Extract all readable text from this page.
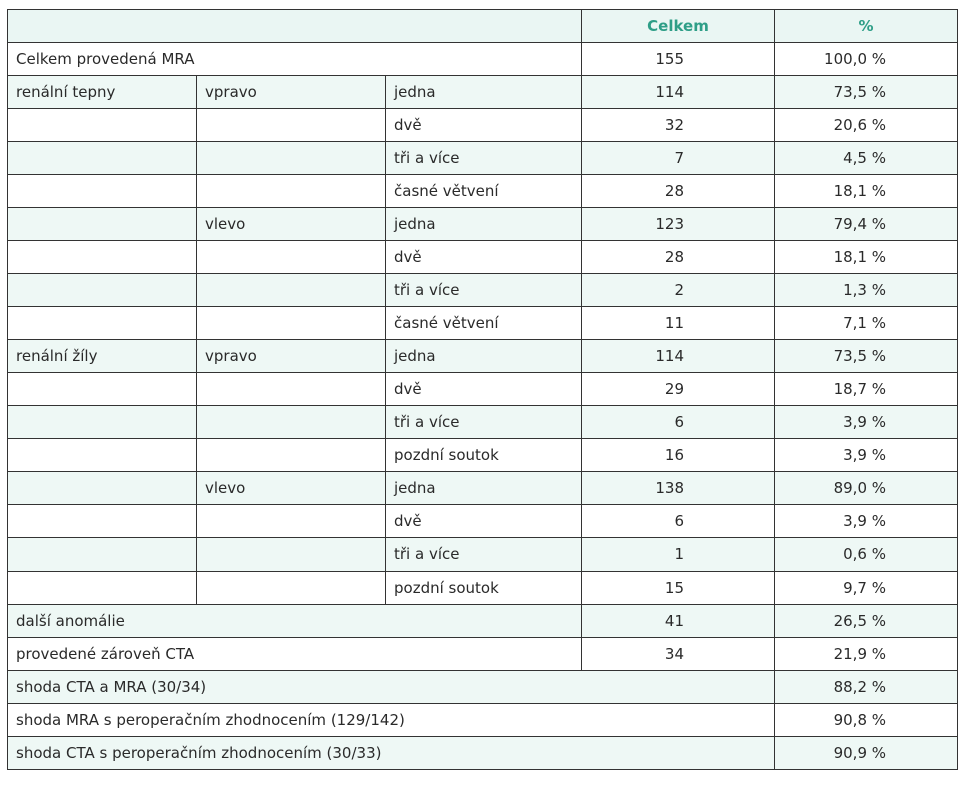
			Celkem	%
Celkem provedená MRA			155	100,0 %
renální tepny	vpravo	jedna	114	73,5 %
		dvě	32	20,6 %
		tři a více	7	4,5 %
		časné větvení	28	18,1 %
	vlevo	jedna	123	79,4 %
		dvě	28	18,1 %
		tři a více	2	1,3 %
		časné větvení	11	7,1 %
renální žíly	vpravo	jedna	114	73,5 %
		dvě	29	18,7 %
		tři a více	6	3,9 %
		pozdní soutok	16	3,9 %
	vlevo	jedna	138	89,0 %
		dvě	6	3,9 %
		tři a více	1	0,6 %
		pozdní soutok	15	9,7 %
další anomálie			41	26,5 %
provedené zároveň CTA			34	21,9 %
shoda CTA a MRA (30/34)				88,2 %
shoda MRA s peroperačním zhodnocením (129/142)				90,8 %
shoda CTA s peroperačním zhodnocením (30/33)				90,9 %
